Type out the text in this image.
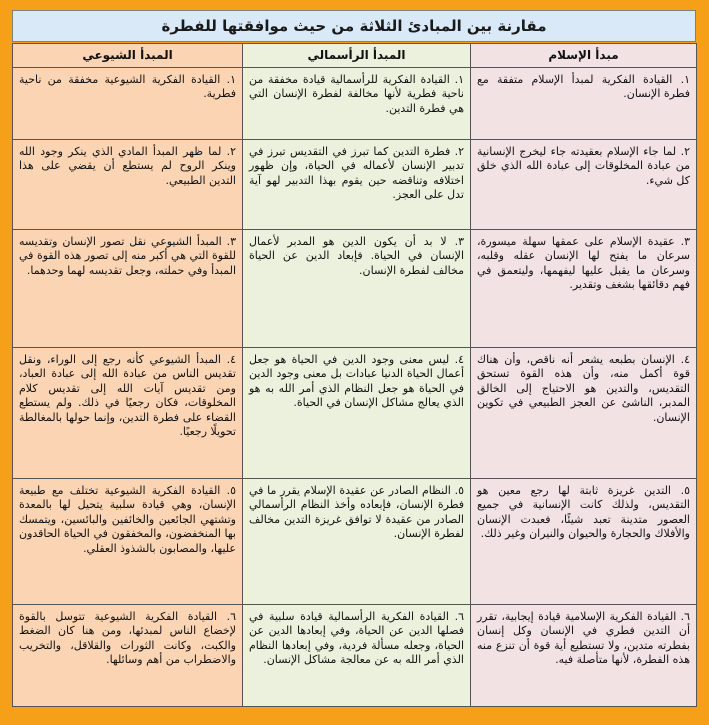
مقارنة بين المبادئ الثلاثة من حيث موافقتها للفطرة
مبدأ الإسلام	المبدأ الرأسمالي	المبدأ الشيوعي
١. القيادة الفكرية لمبدأ الإسلام متفقة مع فطرة الإنسان.	١. القيادة الفكرية للرأسمالية قيادة مخفقة من ناحية فطرية لأنها مخالفة لفطرة الإنسان التي هي فطرة التدين.	١. القيادة الفكرية الشيوعية مخفقة من ناحية فطرية.
٢. لما جاء الإسلام بعقيدته جاء ليخرج الإنسانية من عبادة المخلوقات إلى عبادة الله الذي خلق كل شيء.	٢. فطرة التدين كما تبرز في التقديس تبرز في تدبير الإنسان لأعماله في الحياة، وإن ظهور اختلافه وتناقضه حين يقوم بهذا التدبير لهو آية تدل على العجز.	٢. لما ظهر المبدأ المادي الذي ينكر وجود الله وينكر الروح لم يستطع أن يقضي على هذا التدين الطبيعي.
٣. عقيدة الإسلام على عمقها سهلة ميسورة، سرعان ما يفتح لها الإنسان عقله وقلبه، وسرعان ما يقبل عليها ليفهمها، وليتعمق في فهم دقائقها بشغف وتقدير.	٣. لا بد أن يكون الدين هو المدبر لأعمال الإنسان في الحياة. فإبعاد الدين عن الحياة مخالف لفطرة الإنسان.	٣. المبدأ الشيوعي نقل تصور الإنسان وتقديسه للقوة التي هي أكبر منه إلى تصور هذه القوة في المبدأ وفي حملته، وجعل تقديسه لهما وحدهما.
٤. الإنسان بطبعه يشعر أنه ناقص، وأن هناك قوة أكمل منه، وأن هذه القوة تستحق التقديس، والتدين هو الاحتياج إلى الخالق المدبر، الناشئ عن العجز الطبيعي في تكوين الإنسان.	٤. ليس معنى وجود الدين في الحياة هو جعل أعمال الحياة الدنيا عبادات بل معنى وجود الدين في الحياة هو جعل النظام الذي أمر الله به هو الذي يعالج مشاكل الإنسان في الحياة.	٤. المبدأ الشيوعي كأنه رجع إلى الوراء، ونقل تقديس الناس من عبادة الله إلى عبادة العباد، ومن تقديس آيات الله إلى تقديس كلام المخلوقات، فكان رجعيًا في ذلك. ولم يستطع القضاء على فطرة التدين، وإنما حولها بالمغالطة تحويلًا رجعيًا.
٥. التدين غريزة ثابتة لها رجع معين هو التقديس، ولذلك كانت الإنسانية في جميع العصور متدينة تعبد شيئًا، فعبدت الإنسان والأفلاك والحجارة والحيوان والنيران وغير ذلك.	٥. النظام الصادر عن عقيدة الإسلام يقرر ما في فطرة الإنسان، فإبعاده وأخذ النظام الرأسمالي الصادر من عقيدة لا توافق غريزة التدين مخالف لفطرة الإنسان.	٥. القيادة الفكرية الشيوعية تختلف مع طبيعة الإنسان، وهي قيادة سلبية يتحيل لها بالمعدة وتشتهي الجائعين والخائفين والبائسين، ويتمسك بها المنخفضون، والمخفقون في الحياة الحاقدون عليها، والمصابون بالشذوذ العقلي.
٦. القيادة الفكرية الإسلامية قيادة إيجابية، تقرر أن التدين فطري في الإنسان وكل إنسان بفطرته متدين، ولا تستطيع أية قوة أن تنزع منه هذه الفطرة، لأنها متأصلة فيه.	٦. القيادة الفكرية الرأسمالية قيادة سلبية في فصلها الدين عن الحياة، وفي إبعادها الدين عن الحياة، وجعله مسألة فردية، وفي إبعادها النظام الذي أمر الله به عن معالجة مشاكل الإنسان.	٦. القيادة الفكرية الشيوعية تتوسل بالقوة لإخضاع الناس لمبدئها، ومن هنا كان الضغط والكبت، وكانت الثورات والقلاقل، والتخريب والاضطراب من أهم وسائلها.
